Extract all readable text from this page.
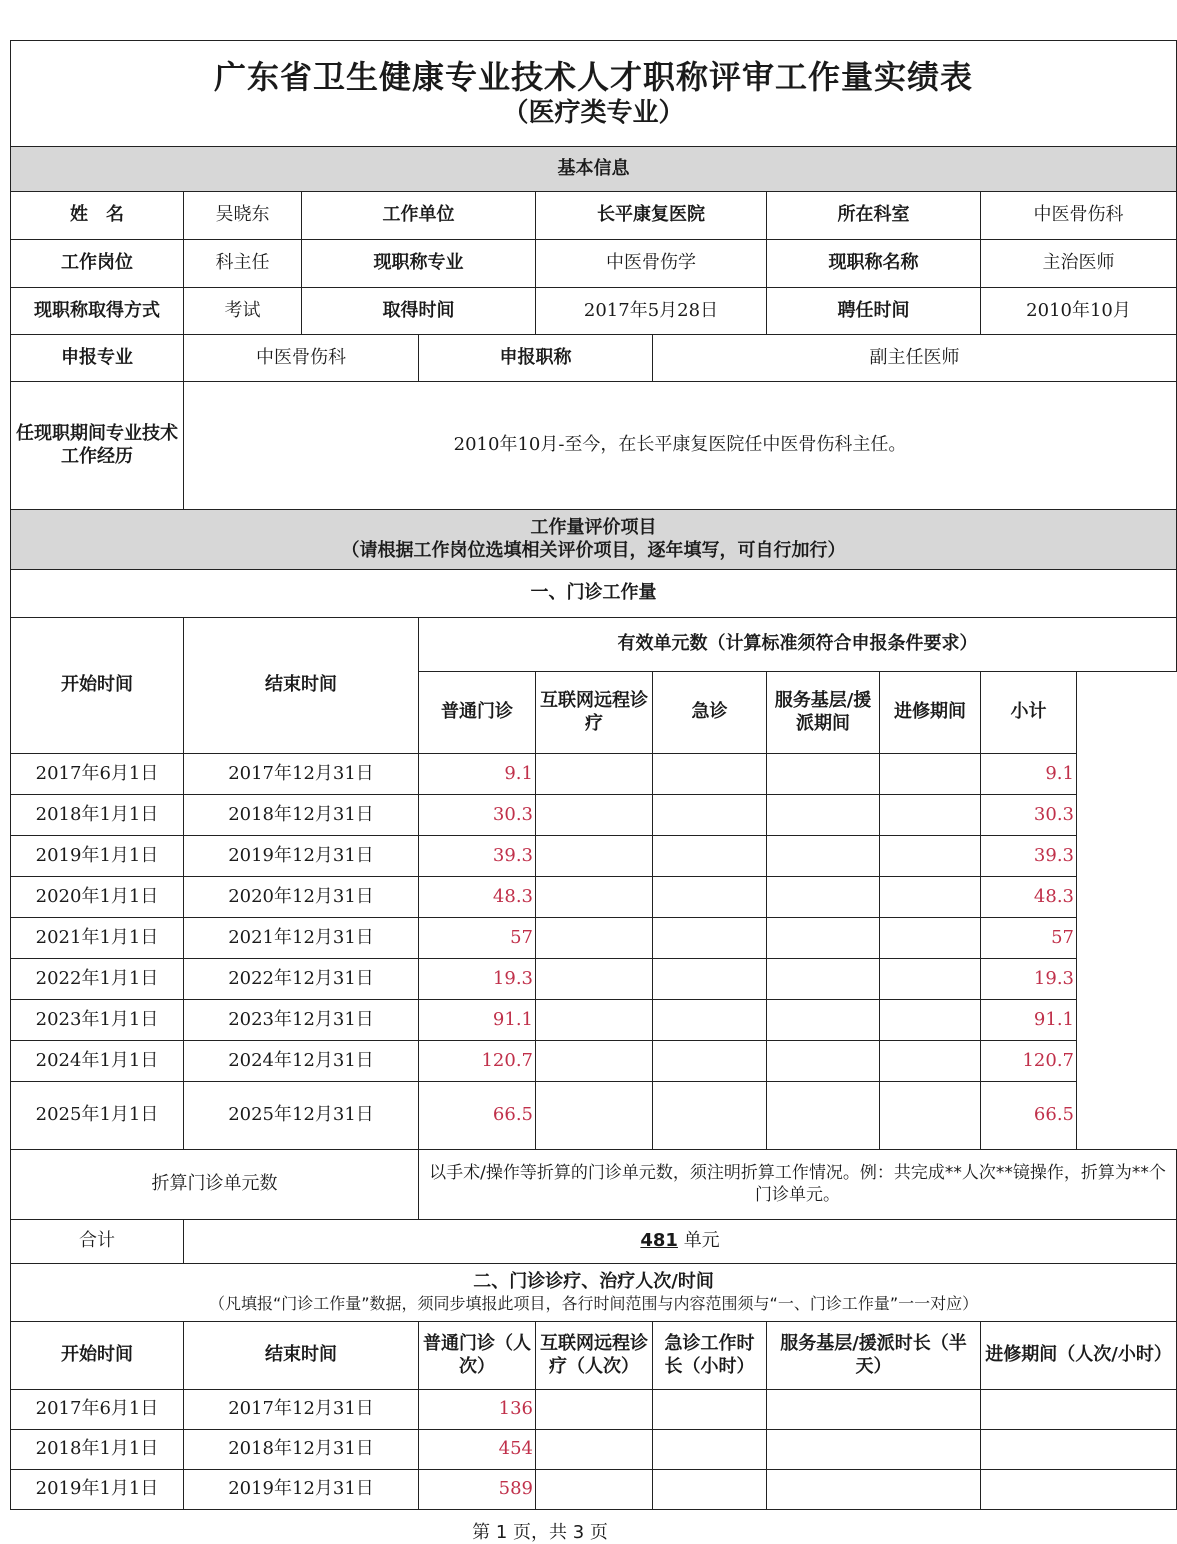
广东省卫生健康专业技术人才职称评审工作量实绩表
（医疗类专业）								

基本信息								
姓　名	吴晓东	工作单位		长平康复医院		所在科室		中医骨伤科
工作岗位	科主任	现职称专业		中医骨伤学		现职称名称		主治医师
现职称取得方式	考试	取得时间		2017年5月28日		聘任时间		2010年10月
申报专业	中医骨伤科		申报职称		副主任医师			
任现职期间专业技术工作经历	2010年10月-至今，在长平康复医院任中医骨伤科主任。							

工作量评价项目
（请根据工作岗位选填相关评价项目，逐年填写，可自行加行）								

一、门诊工作量								
开始时间	结束时间		有效单元数（计算标准须符合申报条件要求）					
			普通门诊	互联网远程诊疗	急诊	服务基层/援派期间	进修期间	小计
2017年6月1日	2017年12月31日		9.1					9.1
2018年1月1日	2018年12月31日		30.3					30.3
2019年1月1日	2019年12月31日		39.3					39.3
2020年1月1日	2020年12月31日		48.3					48.3
2021年1月1日	2021年12月31日		57					57
2022年1月1日	2022年12月31日		19.3					19.3
2023年1月1日	2023年12月31日		91.1					91.1
2024年1月1日	2024年12月31日		120.7					120.7
2025年1月1日	2025年12月31日		66.5					66.5
折算门诊单元数			以手术/操作等折算的门诊单元数，须注明折算工作情况。例：共完成**人次**镜操作，折算为**个门诊单元。					
合计	481 单元							

二、门诊诊疗、治疗人次/时间
（凡填报“门诊工作量”数据，须同步填报此项目，各行时间范围与内容范围须与“一、门诊工作量”一一对应）								

开始时间	结束时间		普通门诊（人次）	互联网远程诊疗（人次）	急诊工作时长（小时）	服务基层/援派时长（半天）		进修期间（人次/小时）
2017年6月1日	2017年12月31日		136					
2018年1月1日	2018年12月31日		454					
2019年1月1日	2019年12月31日		589					
第 1 页，共 3 页
